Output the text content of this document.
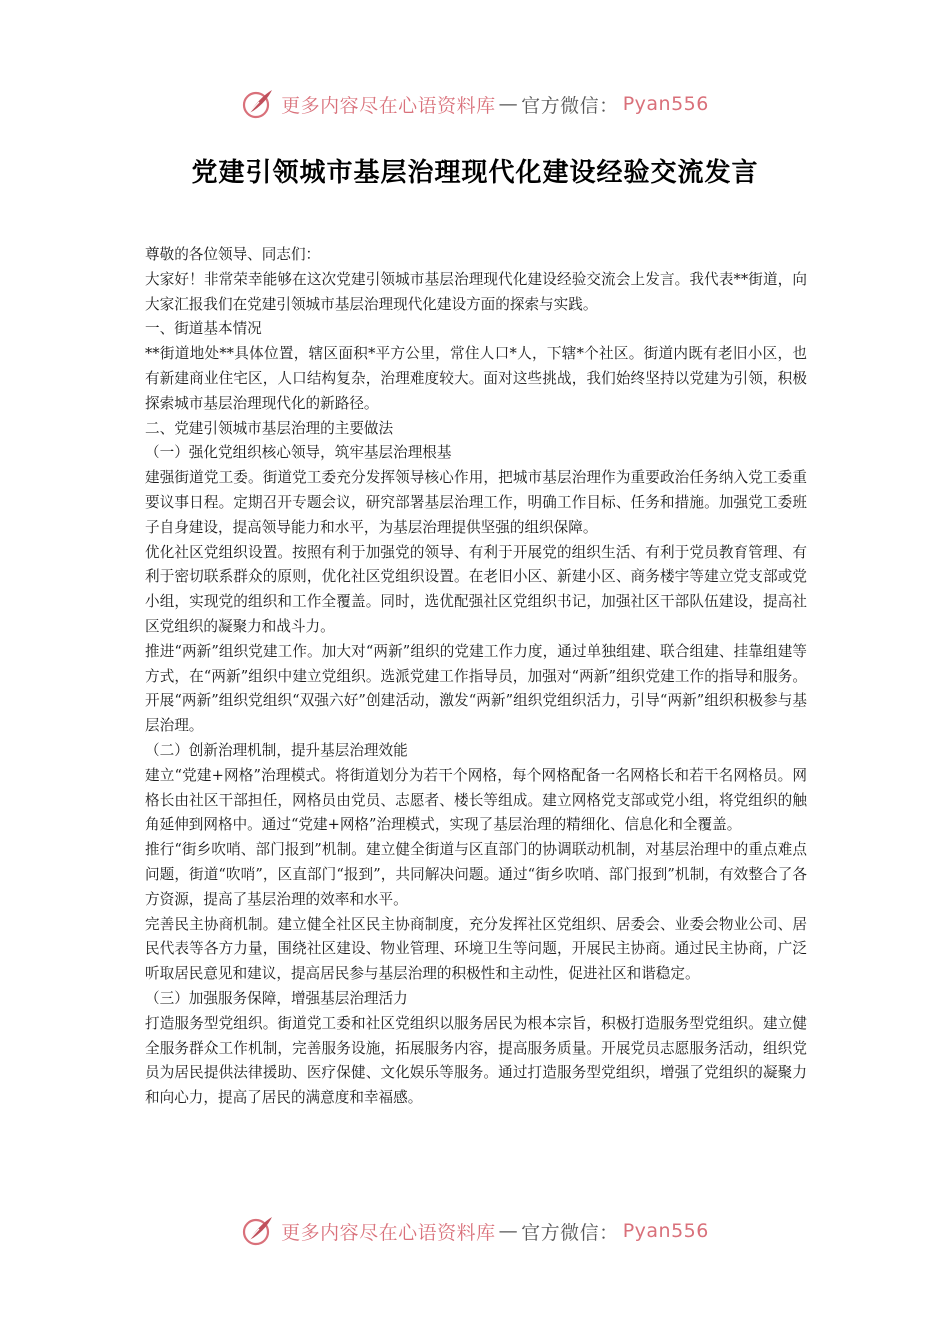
更多内容尽在心语资料库 — 官方微信： Pyan556
党建引领城市基层治理现代化建设经验交流发言

尊敬的各位领导、同志们：

大家好！非常荣幸能够在这次党建引领城市基层治理现代化建设经验交流会上发言。我代表**街道，向大家汇报我们在党建引领城市基层治理现代化建设方面的探索与实践。

一、街道基本情况

**街道地处**具体位置，辖区面积*平方公里，常住人口*人，下辖*个社区。街道内既有老旧小区，也有新建商业住宅区，人口结构复杂，治理难度较大。面对这些挑战，我们始终坚持以党建为引领，积极探索城市基层治理现代化的新路径。

二、党建引领城市基层治理的主要做法

（一）强化党组织核心领导，筑牢基层治理根基

建强街道党工委。街道党工委充分发挥领导核心作用，把城市基层治理作为重要政治任务纳入党工委重要议事日程。定期召开专题会议，研究部署基层治理工作，明确工作目标、任务和措施。加强党工委班子自身建设，提高领导能力和水平，为基层治理提供坚强的组织保障。

优化社区党组织设置。按照有利于加强党的领导、有利于开展党的组织生活、有利于党员教育管理、有利于密切联系群众的原则，优化社区党组织设置。在老旧小区、新建小区、商务楼宇等建立党支部或党小组，实现党的组织和工作全覆盖。同时，选优配强社区党组织书记，加强社区干部队伍建设，提高社区党组织的凝聚力和战斗力。

推进“两新”组织党建工作。加大对“两新”组织的党建工作力度，通过单独组建、联合组建、挂靠组建等方式，在“两新”组织中建立党组织。选派党建工作指导员，加强对“两新”组织党建工作的指导和服务。开展“两新”组织党组织“双强六好”创建活动，激发“两新”组织党组织活力，引导“两新”组织积极参与基层治理。

（二）创新治理机制，提升基层治理效能

建立“党建+网格”治理模式。将街道划分为若干个网格，每个网格配备一名网格长和若干名网格员。网格长由社区干部担任，网格员由党员、志愿者、楼长等组成。建立网格党支部或党小组，将党组织的触角延伸到网格中。通过“党建+网格”治理模式，实现了基层治理的精细化、信息化和全覆盖。

推行“街乡吹哨、部门报到”机制。建立健全街道与区直部门的协调联动机制，对基层治理中的重点难点问题，街道“吹哨”，区直部门“报到”，共同解决问题。通过“街乡吹哨、部门报到”机制，有效整合了各方资源，提高了基层治理的效率和水平。

完善民主协商机制。建立健全社区民主协商制度，充分发挥社区党组织、居委会、业委会物业公司、居民代表等各方力量，围绕社区建设、物业管理、环境卫生等问题，开展民主协商。通过民主协商，广泛听取居民意见和建议，提高居民参与基层治理的积极性和主动性，促进社区和谐稳定。

（三）加强服务保障，增强基层治理活力

打造服务型党组织。街道党工委和社区党组织以服务居民为根本宗旨，积极打造服务型党组织。建立健全服务群众工作机制，完善服务设施，拓展服务内容，提高服务质量。开展党员志愿服务活动，组织党员为居民提供法律援助、医疗保健、文化娱乐等服务。通过打造服务型党组织，增强了党组织的凝聚力和向心力，提高了居民的满意度和幸福感。

更多内容尽在心语资料库 — 官方微信： Pyan556
